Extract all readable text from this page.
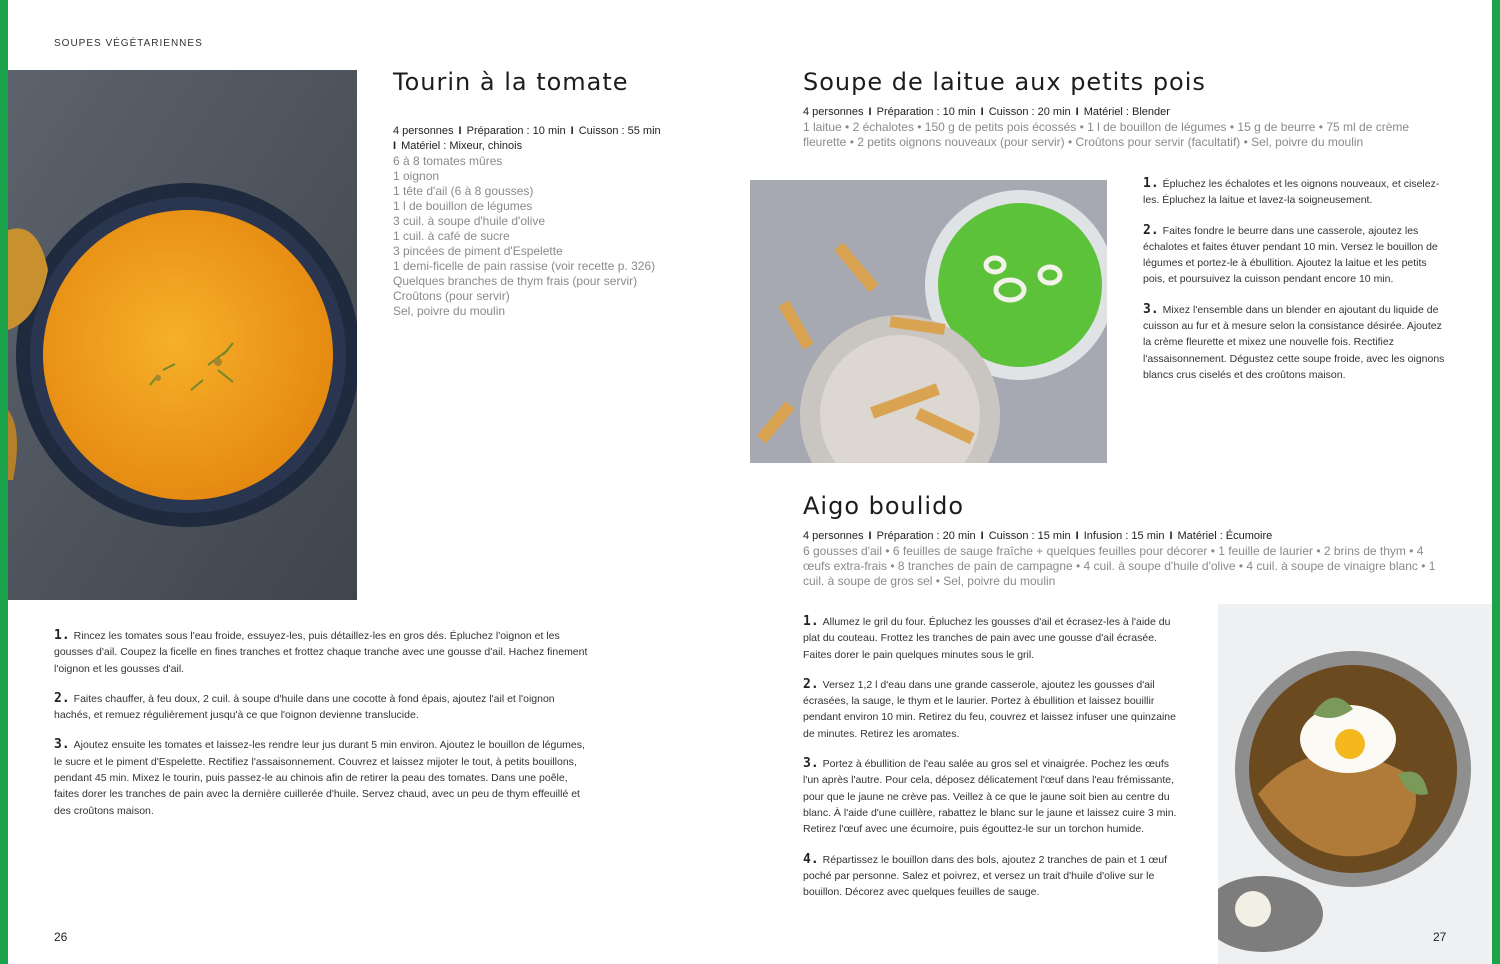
SOUPES VÉGÉTARIENNES
Tourin à la tomate
4 personnes I Préparation : 10 min I Cuisson : 55 min
I Matériel : Mixeur, chinois
6 à 8 tomates mûres
1 oignon
1 tête d'ail (6 à 8 gousses)
1 l de bouillon de légumes
3 cuil. à soupe d'huile d'olive
1 cuil. à café de sucre
3 pincées de piment d'Espelette
1 demi-ficelle de pain rassise (voir recette p. 326)
Quelques branches de thym frais (pour servir)
Croûtons (pour servir)
Sel, poivre du moulin

1. Rincez les tomates sous l'eau froide, essuyez-les, puis détaillez-les en gros dés. Épluchez l'oignon et les gousses d'ail. Coupez la ficelle en fines tranches et frottez chaque tranche avec une gousse d'ail. Hachez finement l'oignon et les gousses d'ail.

2. Faites chauffer, à feu doux, 2 cuil. à soupe d'huile dans une cocotte à fond épais, ajoutez l'ail et l'oignon hachés, et remuez régulièrement jusqu'à ce que l'oignon devienne translucide.

3. Ajoutez ensuite les tomates et laissez-les rendre leur jus durant 5 min environ. Ajoutez le bouillon de légumes, le sucre et le piment d'Espelette. Rectifiez l'assaisonnement. Couvrez et laissez mijoter le tout, à petits bouillons, pendant 45 min. Mixez le tourin, puis passez-le au chinois afin de retirer la peau des tomates. Dans une poêle, faites dorer les tranches de pain avec la dernière cuillerée d'huile. Servez chaud, avec un peu de thym effeuillé et des croûtons maison.

26
Soupe de laitue aux petits pois
4 personnes I Préparation : 10 min I Cuisson : 20 min I Matériel : Blender
1 laitue • 2 échalotes • 150 g de petits pois écossés • 1 l de bouillon de légumes • 15 g de beurre • 75 ml de crème fleurette • 2 petits oignons nouveaux (pour servir) • Croûtons pour servir (facultatif) • Sel, poivre du moulin

1. Épluchez les échalotes et les oignons nouveaux, et ciselez-les. Épluchez la laitue et lavez-la soigneusement.

2. Faites fondre le beurre dans une casserole, ajoutez les échalotes et faites étuver pendant 10 min. Versez le bouillon de légumes et portez-le à ébullition. Ajoutez la laitue et les petits pois, et poursuivez la cuisson pendant encore 10 min.

3. Mixez l'ensemble dans un blender en ajoutant du liquide de cuisson au fur et à mesure selon la consistance désirée. Ajoutez la crème fleurette et mixez une nouvelle fois. Rectifiez l'assaisonnement. Dégustez cette soupe froide, avec les oignons blancs crus ciselés et des croûtons maison.

Aigo boulido
4 personnes I Préparation : 20 min I Cuisson : 15 min I Infusion : 15 min I Matériel : Écumoire
6 gousses d'ail • 6 feuilles de sauge fraîche + quelques feuilles pour décorer • 1 feuille de laurier • 2 brins de thym • 4 œufs extra-frais • 8 tranches de pain de campagne • 4 cuil. à soupe d'huile d'olive • 4 cuil. à soupe de vinaigre blanc • 1 cuil. à soupe de gros sel • Sel, poivre du moulin

1. Allumez le gril du four. Épluchez les gousses d'ail et écrasez-les à l'aide du plat du couteau. Frottez les tranches de pain avec une gousse d'ail écrasée. Faites dorer le pain quelques minutes sous le gril.

2. Versez 1,2 l d'eau dans une grande casserole, ajoutez les gousses d'ail écrasées, la sauge, le thym et le laurier. Portez à ébullition et laissez bouillir pendant environ 10 min. Retirez du feu, couvrez et laissez infuser une quinzaine de minutes. Retirez les aromates.

3. Portez à ébullition de l'eau salée au gros sel et vinaigrée. Pochez les œufs l'un après l'autre. Pour cela, déposez délicatement l'œuf dans l'eau frémissante, pour que le jaune ne crève pas. Veillez à ce que le jaune soit bien au centre du blanc. À l'aide d'une cuillère, rabattez le blanc sur le jaune et laissez cuire 3 min. Retirez l'œuf avec une écumoire, puis égouttez-le sur un torchon humide.

4. Répartissez le bouillon dans des bols, ajoutez 2 tranches de pain et 1 œuf poché par personne. Salez et poivrez, et versez un trait d'huile d'olive sur le bouillon. Décorez avec quelques feuilles de sauge.

27
